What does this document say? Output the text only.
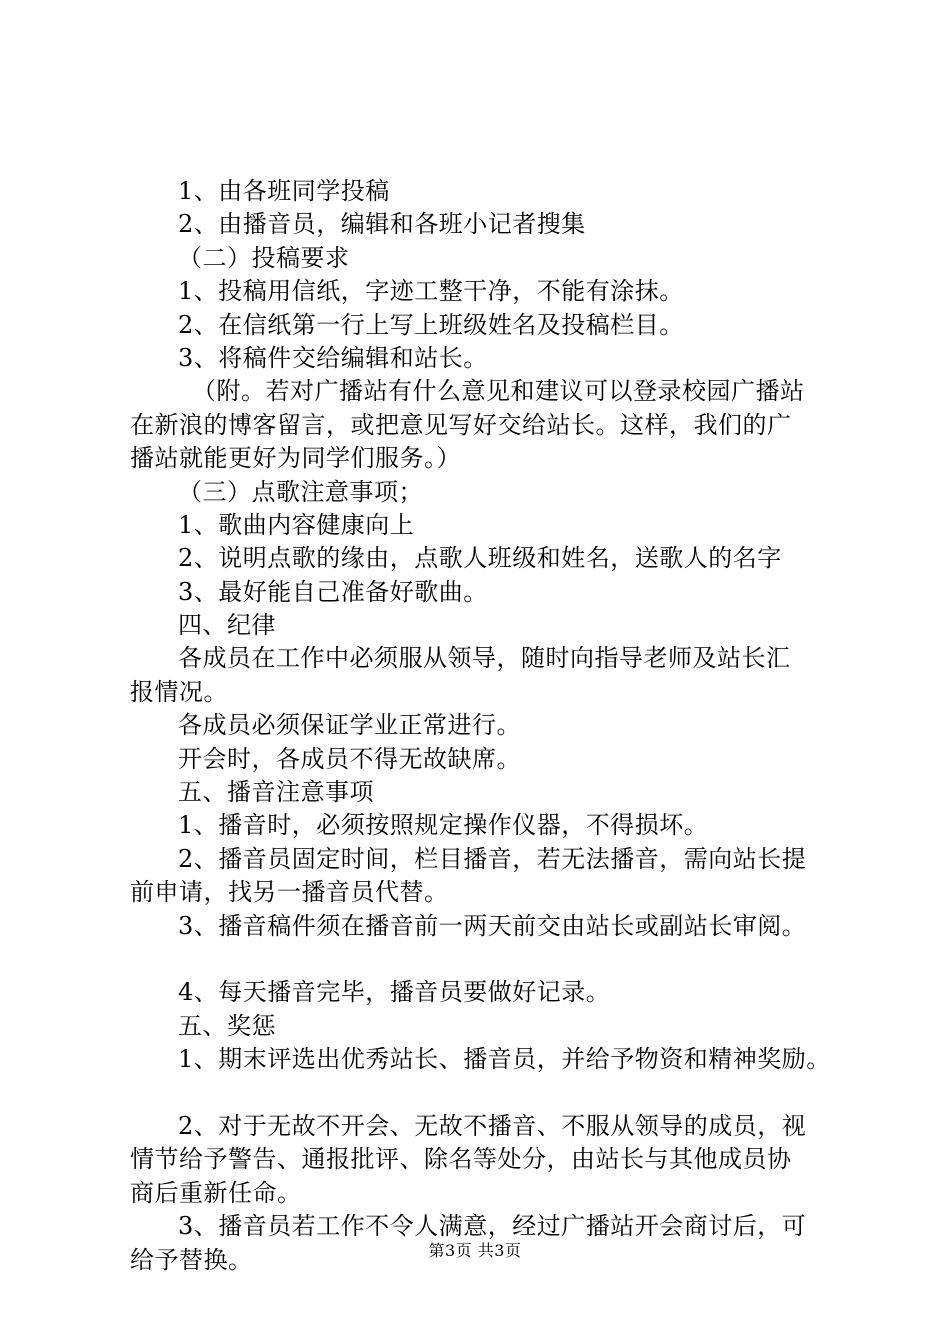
1、由各班同学投稿
2、由播音员，编辑和各班小记者搜集
（二）投稿要求
1、投稿用信纸，字迹工整干净，不能有涂抹。
2、在信纸第一行上写上班级姓名及投稿栏目。
3、将稿件交给编辑和站长。
（附。若对广播站有什么意见和建议可以登录校园广播站
在新浪的博客留言，或把意见写好交给站长。这样，我们的广
播站就能更好为同学们服务。）
（三）点歌注意事项；
1、歌曲内容健康向上
2、说明点歌的缘由，点歌人班级和姓名，送歌人的名字
3、最好能自己准备好歌曲。
四、纪律
各成员在工作中必须服从领导，随时向指导老师及站长汇
报情况。
各成员必须保证学业正常进行。
开会时，各成员不得无故缺席。
五、播音注意事项
1、播音时，必须按照规定操作仪器，不得损坏。
2、播音员固定时间，栏目播音，若无法播音，需向站长提
前申请，找另一播音员代替。
3、播音稿件须在播音前一两天前交由站长或副站长审阅。
4、每天播音完毕，播音员要做好记录。
五、奖惩
1、期末评选出优秀站长、播音员，并给予物资和精神奖励。
2、对于无故不开会、无故不播音、不服从领导的成员，视
情节给予警告、通报批评、除名等处分，由站长与其他成员协
商后重新任命。
3、播音员若工作不令人满意，经过广播站开会商讨后，可
给予替换。	第3页 共3页
